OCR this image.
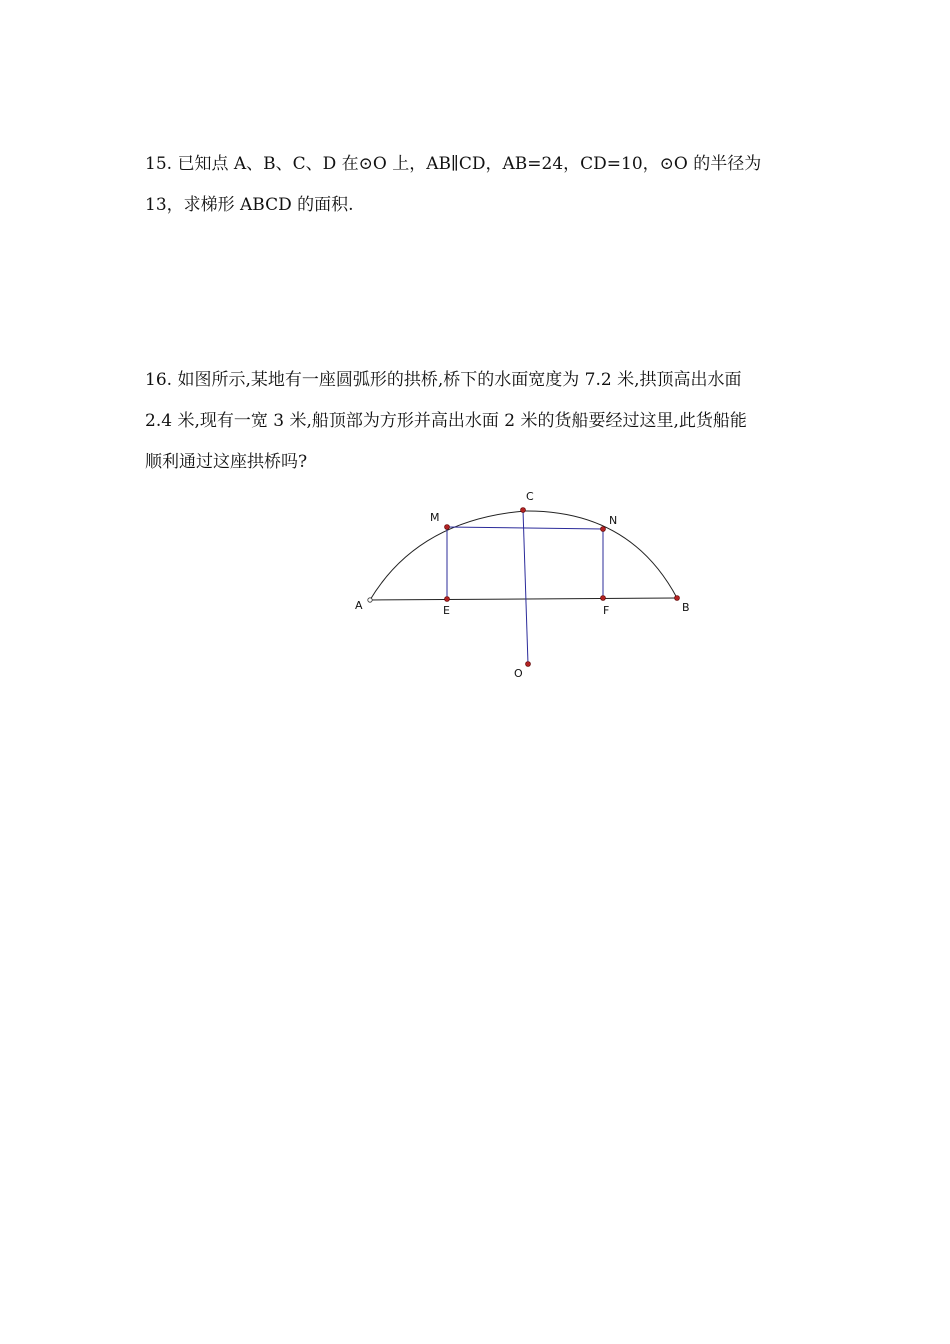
15. 已知点 A、B、C、D 在⊙O 上，AB∥CD，AB=24，CD=10，⊙O 的半径为
13，求梯形 ABCD 的面积.

16. 如图所示,某地有一座圆弧形的拱桥,桥下的水面宽度为 7.2 米,拱顶高出水面
2.4 米,现有一宽 3 米,船顶部为方形并高出水面 2 米的货船要经过这里,此货船能
顺利通过这座拱桥吗?

A	B
C
M	N
E	F
O
